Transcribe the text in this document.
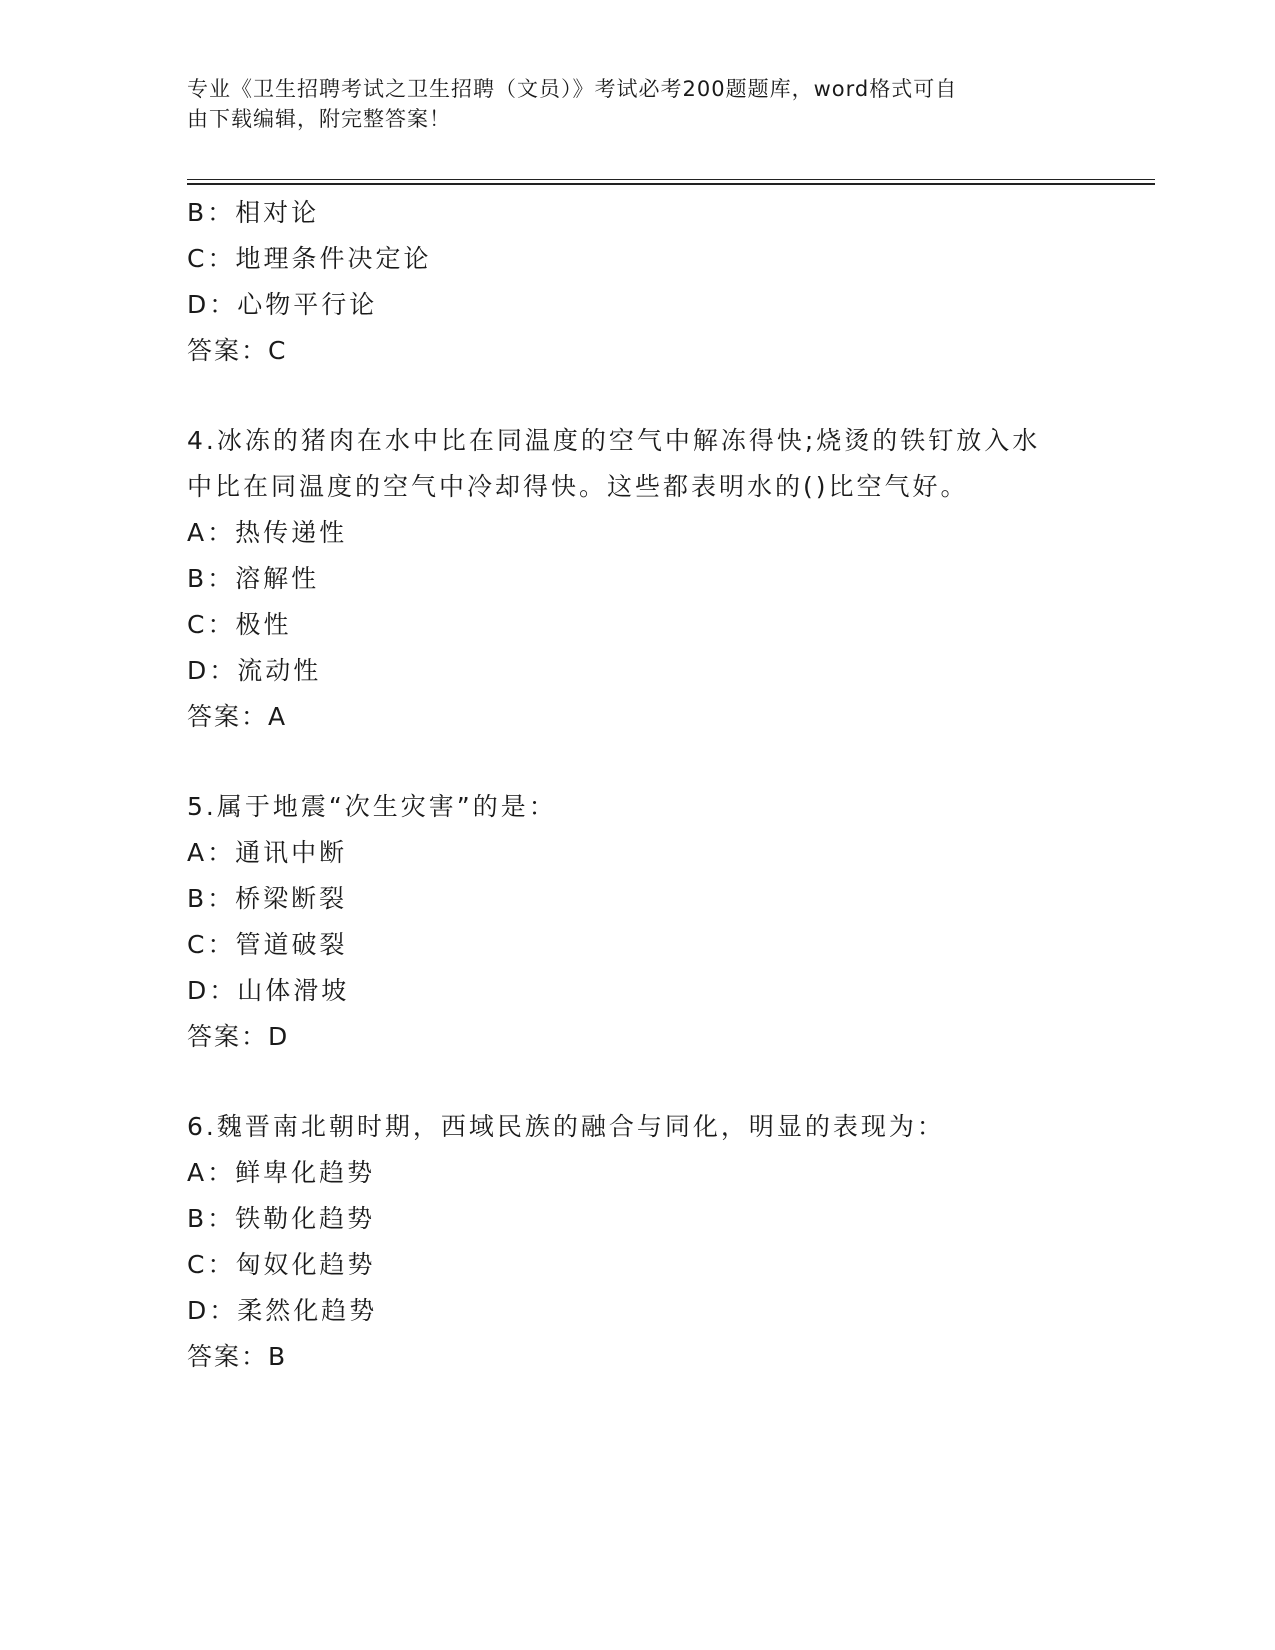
专业《卫生招聘考试之卫生招聘（文员）》考试必考200题题库，word格式可自
由下载编辑，附完整答案！
B：相对论
C：地理条件决定论
D：心物平行论
答案：C
4.冰冻的猪肉在水中比在同温度的空气中解冻得快;烧烫的铁钉放入水
中比在同温度的空气中冷却得快。这些都表明水的()比空气好。
A：热传递性
B：溶解性
C：极性
D：流动性
答案：A
5.属于地震“次生灾害”的是：
A：通讯中断
B：桥梁断裂
C：管道破裂
D：山体滑坡
答案：D
6.魏晋南北朝时期，西域民族的融合与同化，明显的表现为：
A：鲜卑化趋势
B：铁勒化趋势
C：匈奴化趋势
D：柔然化趋势
答案：B
